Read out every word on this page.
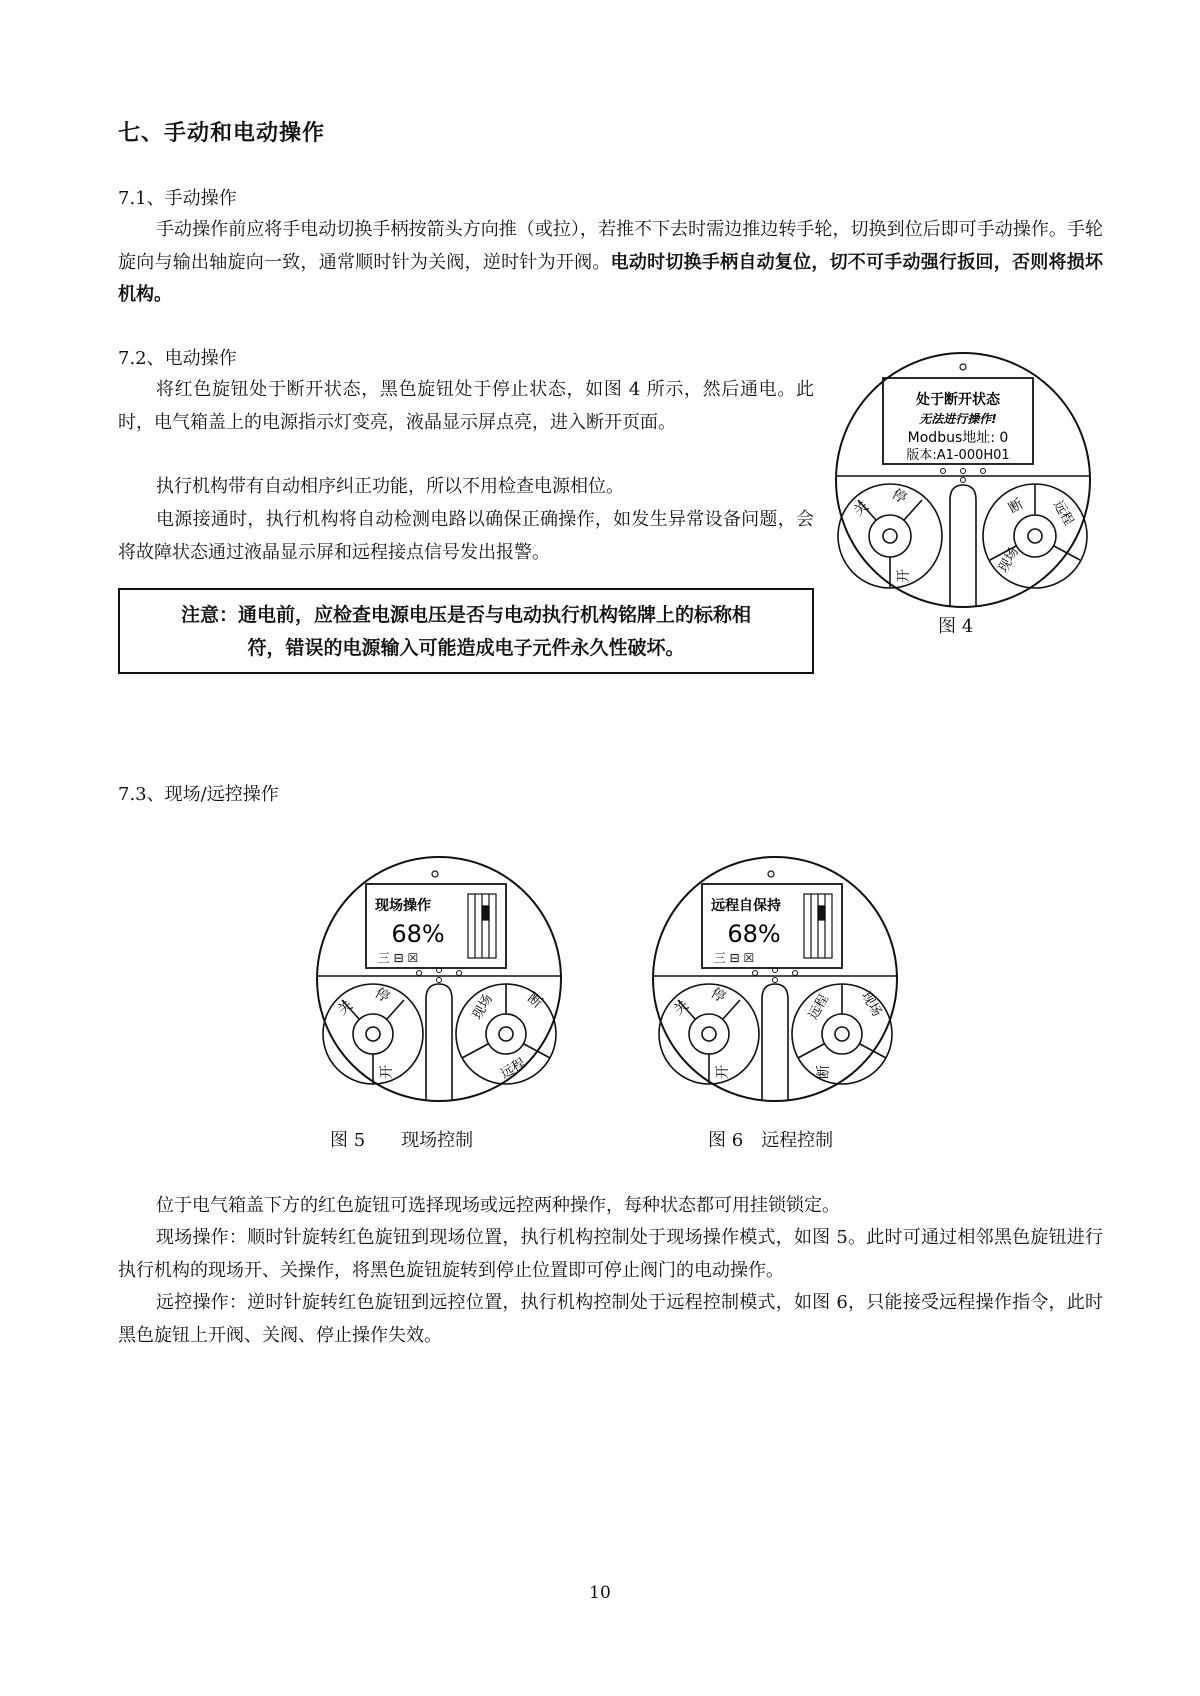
七、手动和电动操作
7.1、手动操作
手动操作前应将手电动切换手柄按箭头方向推（或拉），若推不下去时需边推边转手轮，切换到位后即可手动操作。手轮旋向与输出轴旋向一致，通常顺时针为关阀，逆时针为开阀。电动时切换手柄自动复位，切不可手动强行扳回，否则将损坏机构。
7.2、电动操作
将红色旋钮处于断开状态，黑色旋钮处于停止状态，如图 4 所示，然后通电。此时，电气箱盖上的电源指示灯变亮，液晶显示屏点亮，进入断开页面。
执行机构带有自动相序纠正功能，所以不用检查电源相位。
电源接通时，执行机构将自动检测电路以确保正确操作，如发生异常设备问题，会将故障状态通过液晶显示屏和远程接点信号发出报警。
注意：通电前，应检查电源电压是否与电动执行机构铭牌上的标称相
符，错误的电源输入可能造成电子元件永久性破坏。
处于断开状态
无法进行操作!
Modbus地址: 0
版本:A1-000H01
关
停
开
断 远程
现场
图 4
7.3、现场/远控操作
现场操作
68%
三 ⊟ ☒
关
停
开
现场 断
远程
图 5 现场控制
远程自保持
68%
三 ⊟ ☒
关
停
开
远程 现场
断
图 6 远程控制
位于电气箱盖下方的红色旋钮可选择现场或远控两种操作，每种状态都可用挂锁锁定。
现场操作：顺时针旋转红色旋钮到现场位置，执行机构控制处于现场操作模式，如图 5。此时可通过相邻黑色旋钮进行执行机构的现场开、关操作，将黑色旋钮旋转到停止位置即可停止阀门的电动操作。
远控操作：逆时针旋转红色旋钮到远控位置，执行机构控制处于远程控制模式，如图 6，只能接受远程操作指令，此时黑色旋钮上开阀、关阀、停止操作失效。
10
